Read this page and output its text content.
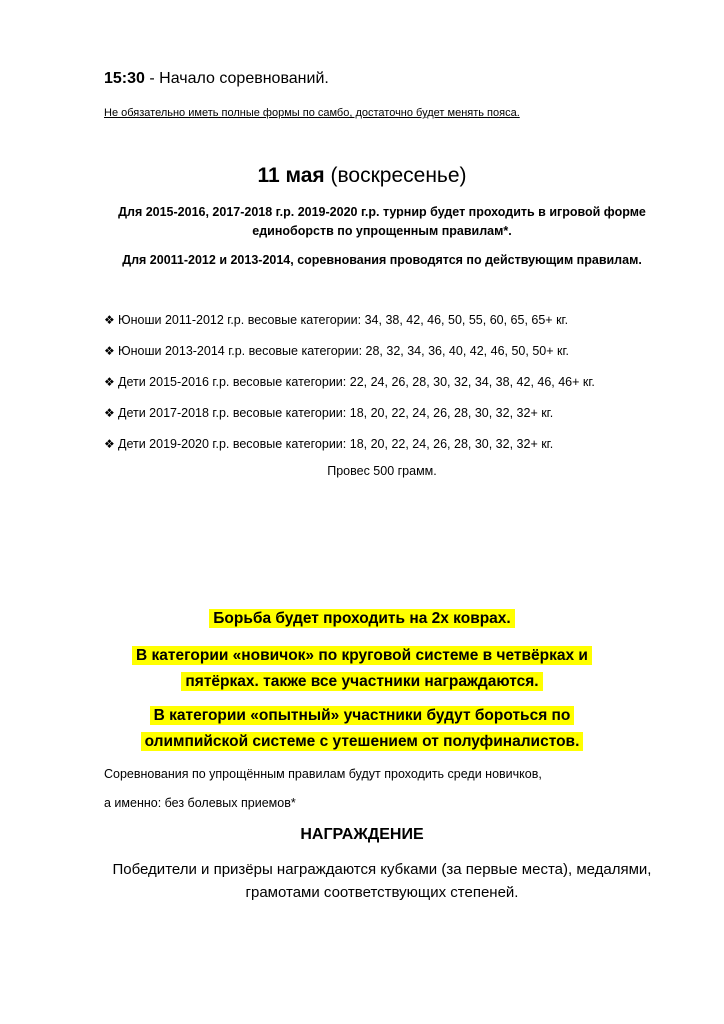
15:30 - Начало соревнований.
Не обязательно иметь полные формы по самбо, достаточно будет менять пояса.
11 мая (воскресенье)
Для 2015-2016, 2017-2018 г.р. 2019-2020 г.р. турнир будет проходить в игровой форме
единоборств по упрощенным правилам*.
Для 20011-2012 и 2013-2014, соревнования проводятся по действующим правилам.
❖ Юноши 2011-2012 г.р. весовые категории: 34, 38, 42, 46, 50, 55, 60, 65, 65+ кг.
❖ Юноши 2013-2014 г.р. весовые категории: 28, 32, 34, 36, 40, 42, 46, 50, 50+ кг.
❖ Дети 2015-2016 г.р. весовые категории: 22, 24, 26, 28, 30, 32, 34, 38, 42, 46, 46+ кг.
❖ Дети 2017-2018 г.р. весовые категории: 18, 20, 22, 24, 26, 28, 30, 32, 32+ кг.
❖ Дети 2019-2020 г.р. весовые категории: 18, 20, 22, 24, 26, 28, 30, 32, 32+ кг.
Провес 500 грамм.
Борьба будет проходить на 2х коврах.
В категории «новичок» по круговой системе в четвёрках и
пятёрках. также все участники награждаются.
В категории «опытный» участники будут бороться по
олимпийской системе с утешением от полуфиналистов.
Соревнования по упрощённым правилам будут проходить среди новичков,
а именно: без болевых приемов*
НАГРАЖДЕНИЕ
Победители и призёры награждаются кубками (за первые места), медалями,
грамотами соответствующих степеней.
